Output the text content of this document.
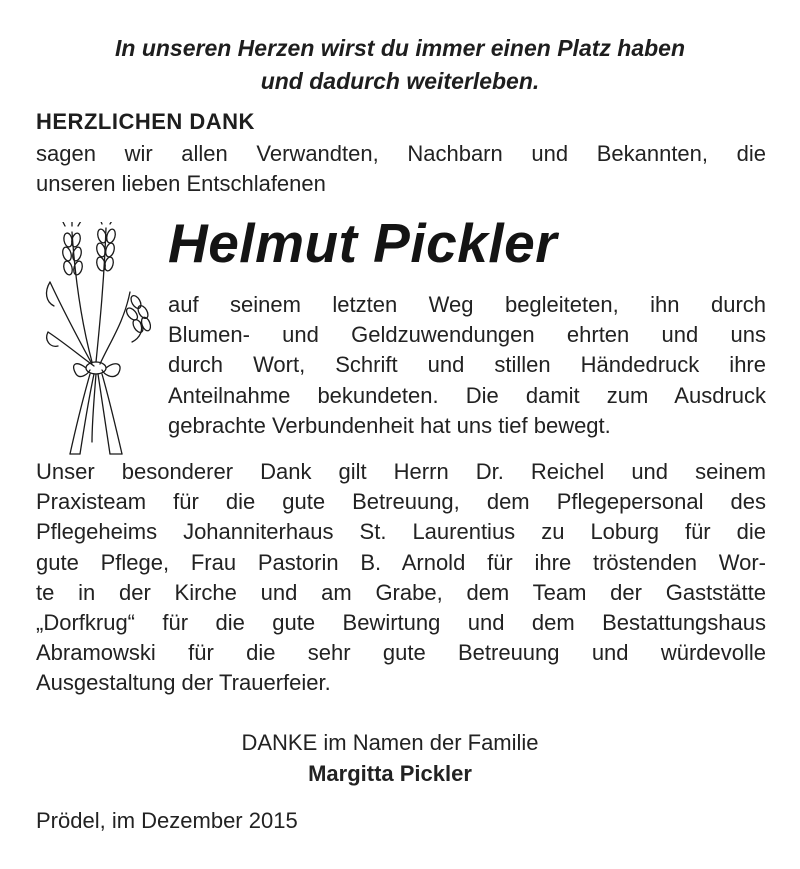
In unseren Herzen wirst du immer einen Platz haben
und dadurch weiterleben.
HERZLICHEN DANK
sagen wir allen Verwandten, Nachbarn und Bekannten, die
unseren lieben Entschlafenen
Helmut Pickler
auf seinem letzten Weg begleiteten, ihn durch
Blumen- und Geldzuwendungen ehrten und uns
durch Wort, Schrift und stillen Händedruck ihre
Anteilnahme bekundeten. Die damit zum Ausdruck
gebrachte Verbundenheit hat uns tief bewegt.
Unser besonderer Dank gilt Herrn Dr. Reichel und seinem
Praxisteam für die gute Betreuung, dem Pflegepersonal des
Pflegeheims Johanniterhaus St. Laurentius zu Loburg für die
gute Pflege, Frau Pastorin B. Arnold für ihre tröstenden Wor-
te in der Kirche und am Grabe, dem Team der Gaststätte
„Dorfkrug“ für die gute Bewirtung und dem Bestattungshaus
Abramowski für die sehr gute Betreuung und würdevolle
Ausgestaltung der Trauerfeier.
DANKE im Namen der Familie
Margitta Pickler
Prödel, im Dezember 2015
